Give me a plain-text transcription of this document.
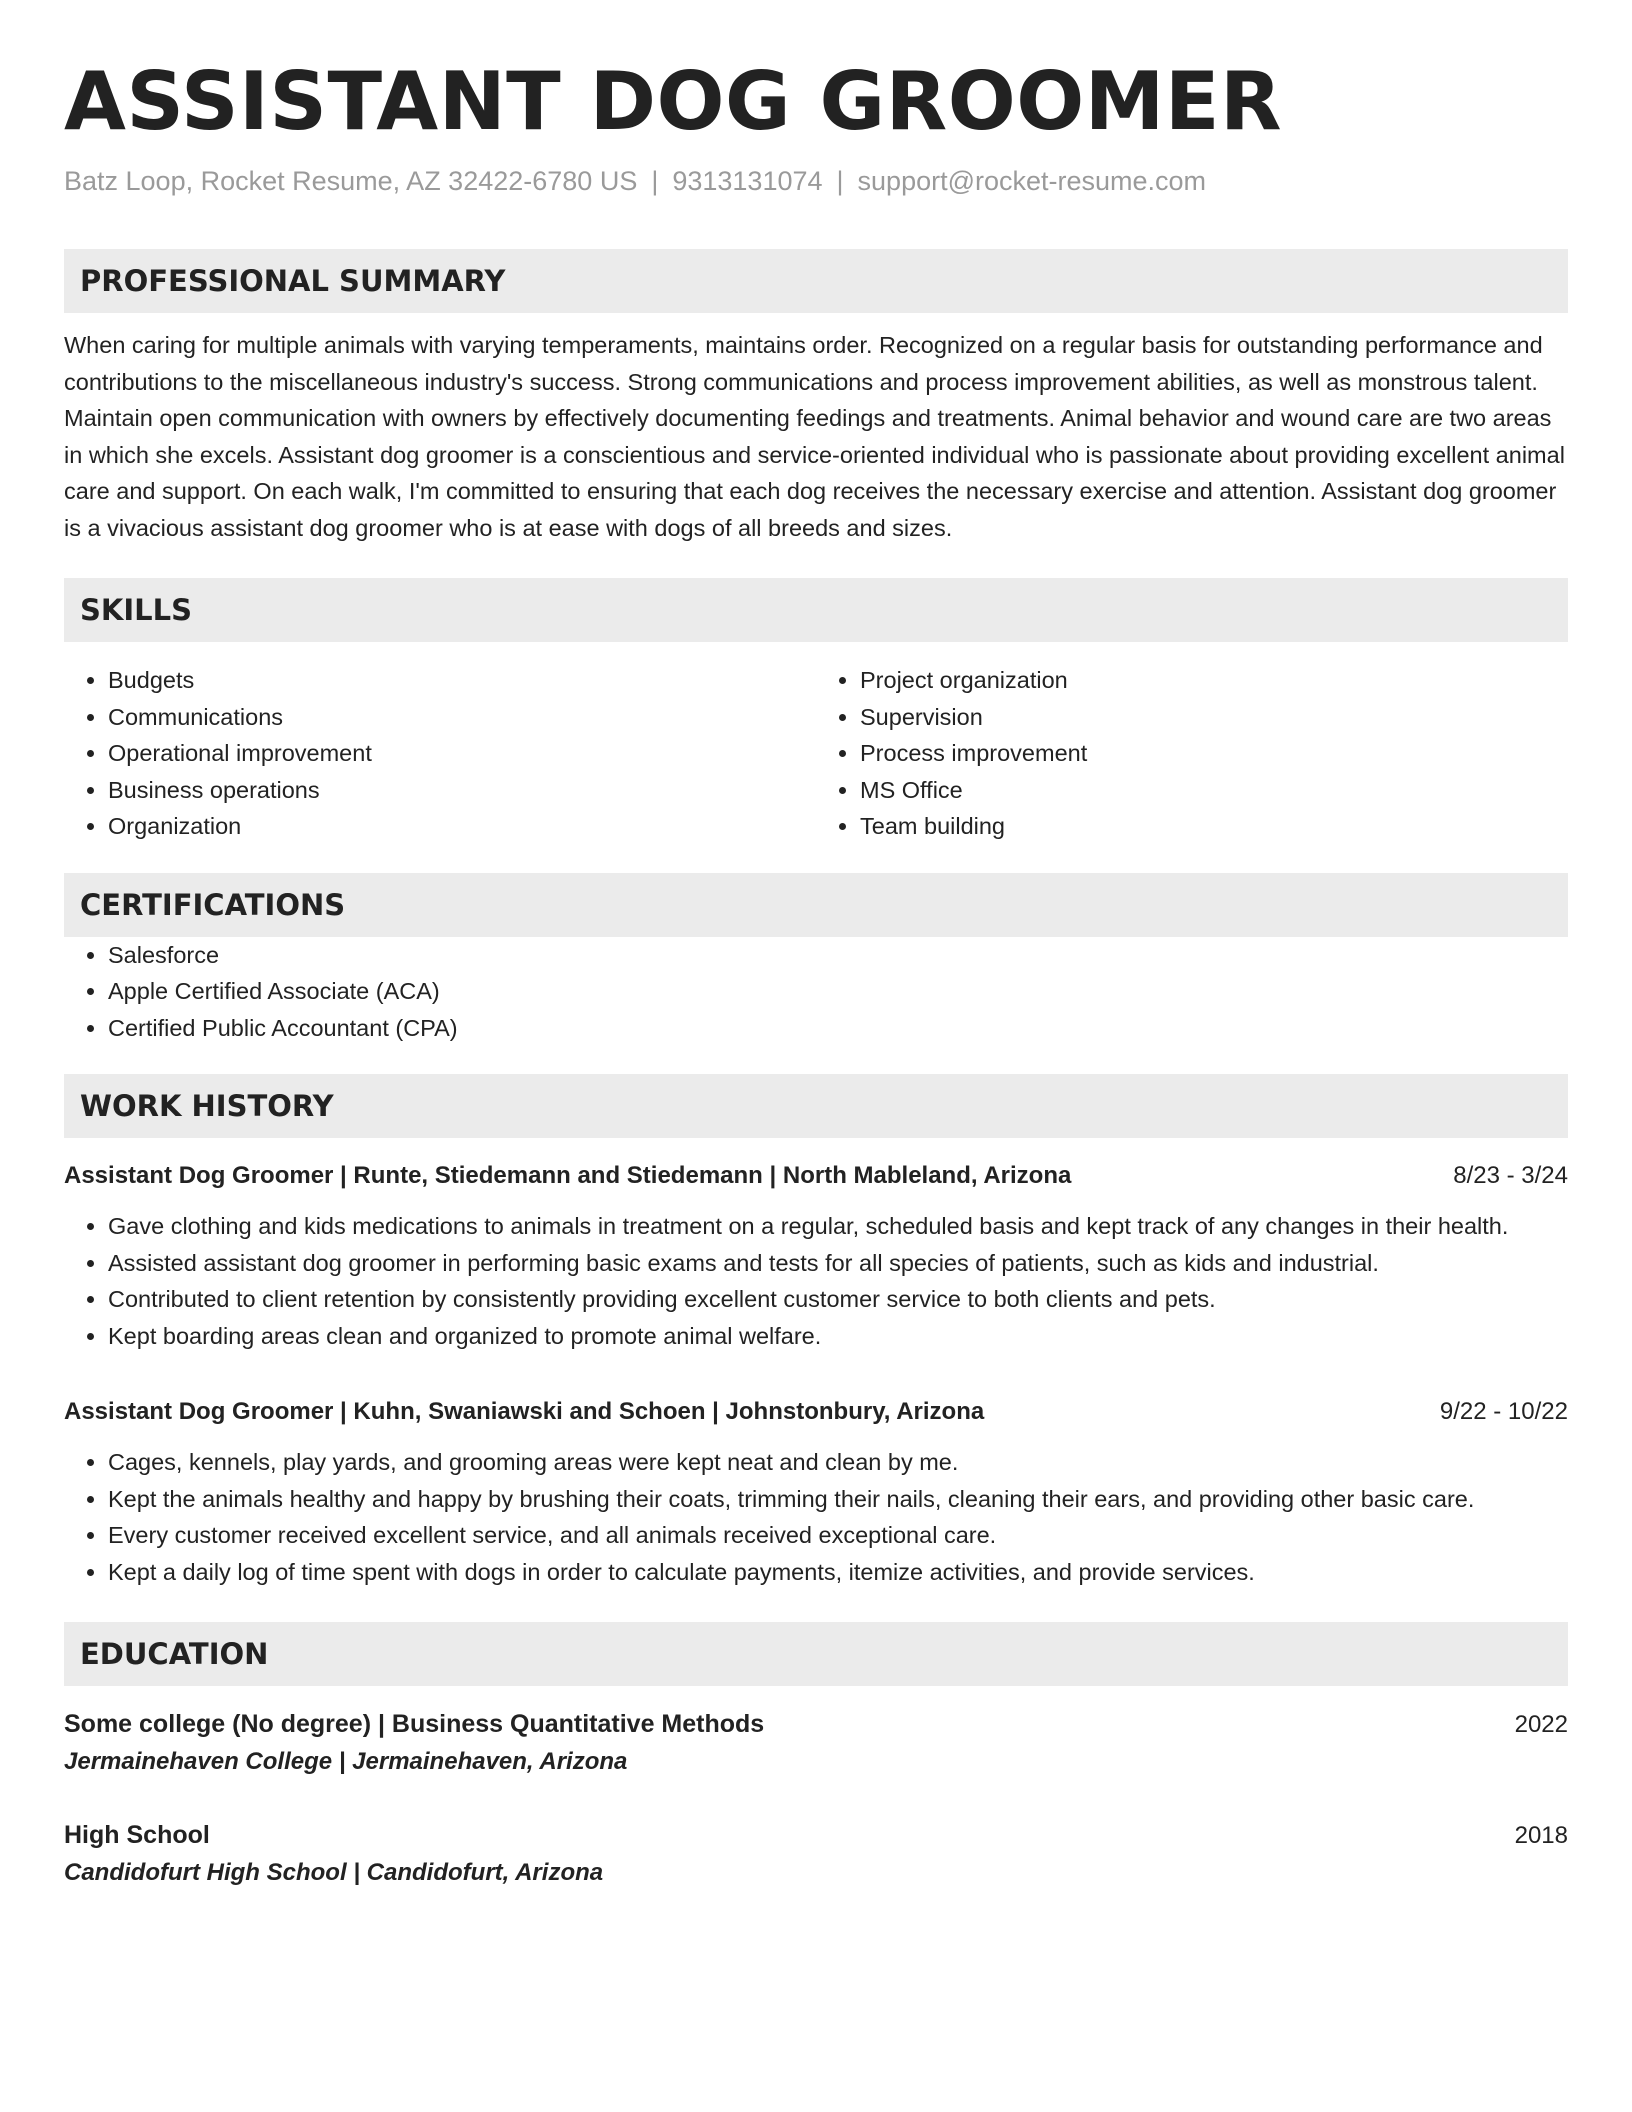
ASSISTANT DOG GROOMER
Batz Loop, Rocket Resume, AZ 32422-6780 US | 9313131074 | support@rocket-resume.com
PROFESSIONAL SUMMARY
When caring for multiple animals with varying temperaments, maintains order. Recognized on a regular basis for outstanding performance and contributions to the miscellaneous industry's success. Strong communications and process improvement abilities, as well as monstrous talent. Maintain open communication with owners by effectively documenting feedings and treatments. Animal behavior and wound care are two areas in which she excels. Assistant dog groomer is a conscientious and service-oriented individual who is passionate about providing excellent animal care and support. On each walk, I'm committed to ensuring that each dog receives the necessary exercise and attention. Assistant dog groomer is a vivacious assistant dog groomer who is at ease with dogs of all breeds and sizes.
SKILLS
• Budgets
• Communications
• Operational improvement
• Business operations
• Organization
• Project organization
• Supervision
• Process improvement
• MS Office
• Team building
CERTIFICATIONS
• Salesforce
• Apple Certified Associate (ACA)
• Certified Public Accountant (CPA)
WORK HISTORY
Assistant Dog Groomer | Runte, Stiedemann and Stiedemann | North Mableland, Arizona	8/23 - 3/24
• Gave clothing and kids medications to animals in treatment on a regular, scheduled basis and kept track of any changes in their health.
• Assisted assistant dog groomer in performing basic exams and tests for all species of patients, such as kids and industrial.
• Contributed to client retention by consistently providing excellent customer service to both clients and pets.
• Kept boarding areas clean and organized to promote animal welfare.
Assistant Dog Groomer | Kuhn, Swaniawski and Schoen | Johnstonbury, Arizona	9/22 - 10/22
• Cages, kennels, play yards, and grooming areas were kept neat and clean by me.
• Kept the animals healthy and happy by brushing their coats, trimming their nails, cleaning their ears, and providing other basic care.
• Every customer received excellent service, and all animals received exceptional care.
• Kept a daily log of time spent with dogs in order to calculate payments, itemize activities, and provide services.
EDUCATION
Some college (No degree) | Business Quantitative Methods	2022
Jermainehaven College | Jermainehaven, Arizona
High School	2018
Candidofurt High School | Candidofurt, Arizona
